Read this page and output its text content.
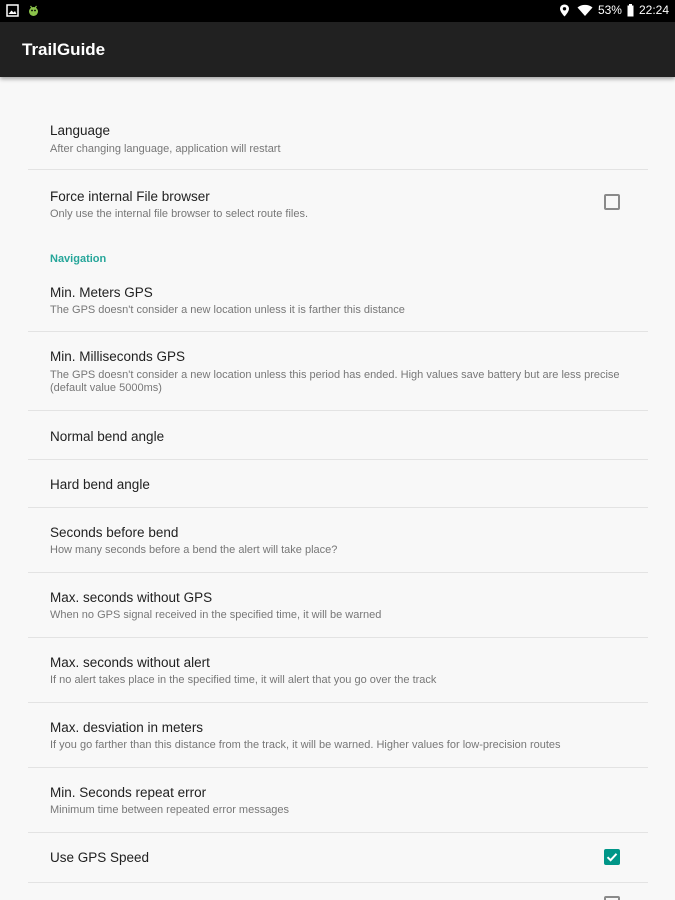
53% 22:24
TrailGuide
Language
After changing language, application will restart
Force internal File browser
Only use the internal file browser to select route files.
Navigation
Min. Meters GPS
The GPS doesn't consider a new location unless it is farther this distance
Min. Milliseconds GPS
The GPS doesn't consider a new location unless this period has ended. High values save battery but are less precise (default value 5000ms)
Normal bend angle
Hard bend angle
Seconds before bend
How many seconds before a bend the alert will take place?
Max. seconds without GPS
When no GPS signal received in the specified time, it will be warned
Max. seconds without alert
If no alert takes place in the specified time, it will alert that you go over the track
Max. desviation in meters
If you go farther than this distance from the track, it will be warned. Higher values for low-precision routes
Min. Seconds repeat error
Minimum time between repeated error messages
Use GPS Speed
